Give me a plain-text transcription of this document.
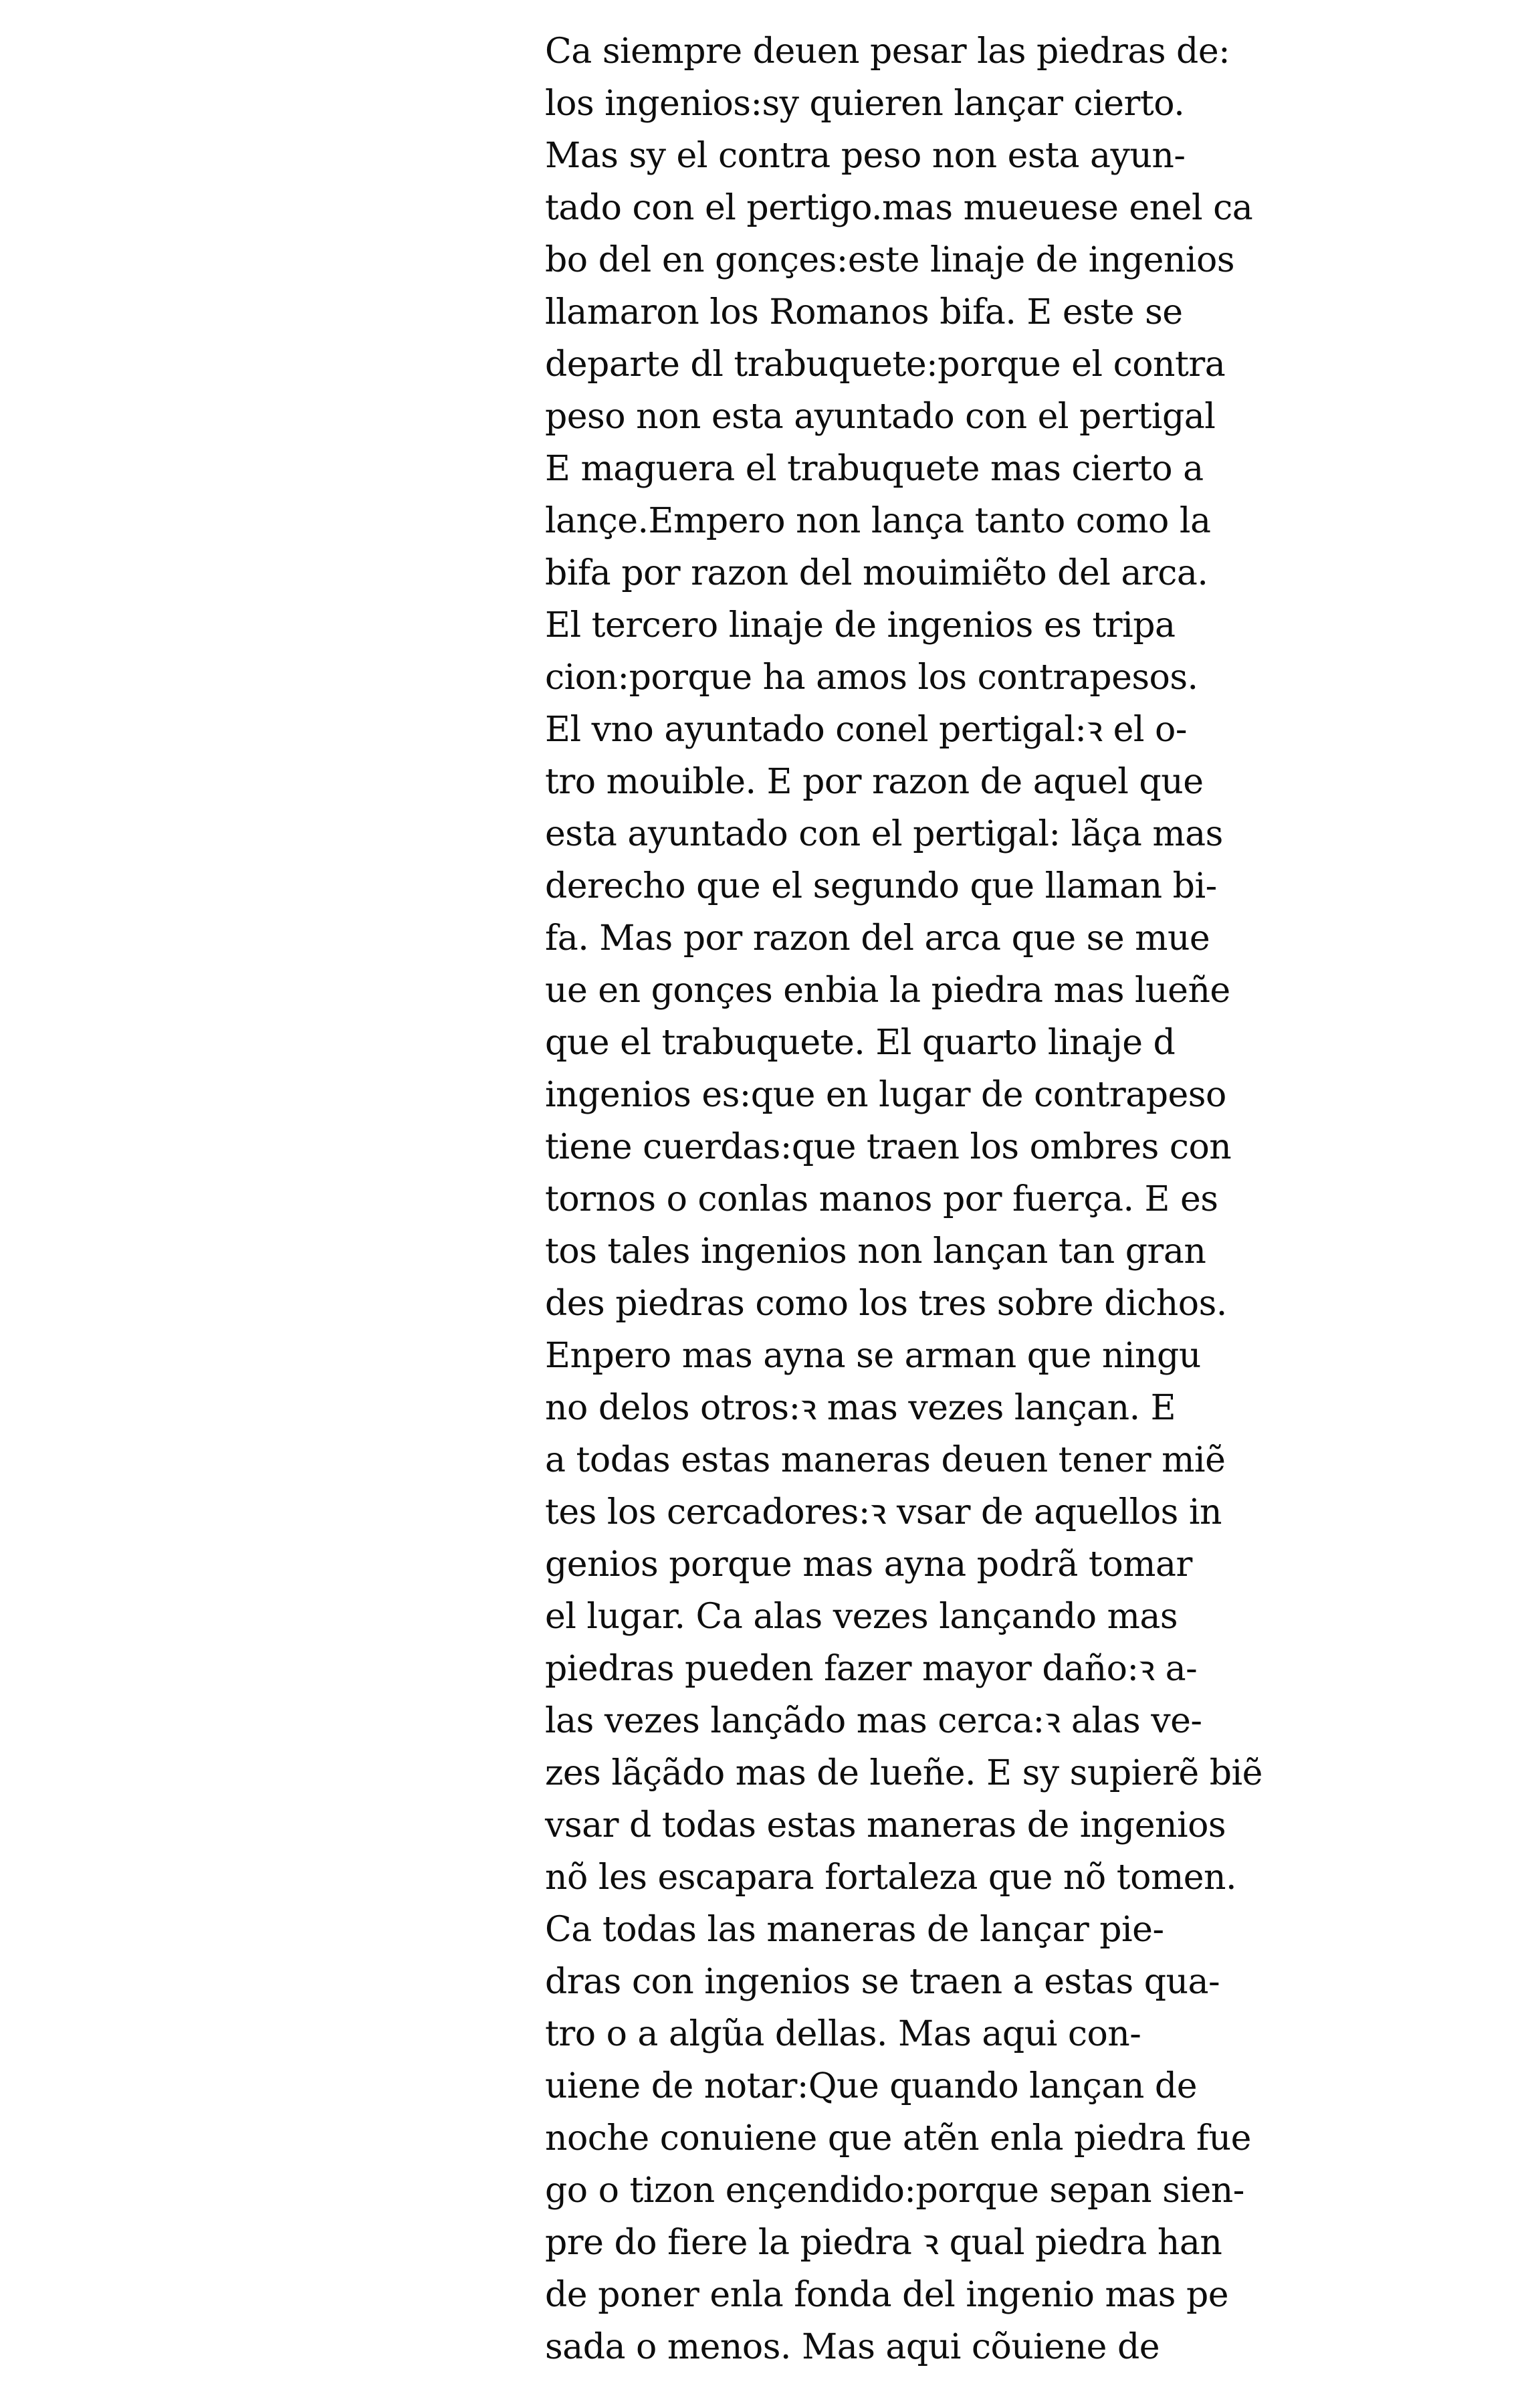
Ca siempre deuen pesar las piedras de:
los ingenios:sy quieren lançar cierto.
Mas sy el contra peso non esta ayun-
tado con el pertigo.mas mueuese enel ca
bo del en gonçes:este linaje de ingenios
llamaron los Romanos bifa. E este se
departe dl trabuquete:porque el contra
peso non esta ayuntado con el pertigal
E maguera el trabuquete mas cierto a
lançe.Empero non lança tanto como la
bifa por razon del mouimiẽto del arca.
El tercero linaje de ingenios es tripa
cion:porque ha amos los contrapesos.
El vno ayuntado conel pertigal:ꝛ el o-
tro mouible. E por razon de aquel que
esta ayuntado con el pertigal: lãça mas
derecho que el segundo que llaman bi-
fa. Mas por razon del arca que se mue
ue en gonçes enbia la piedra mas lueñe
que el trabuquete. El quarto linaje d
ingenios es:que en lugar de contrapeso
tiene cuerdas:que traen los ombres con
tornos o conlas manos por fuerça. E es
tos tales ingenios non lançan tan gran
des piedras como los tres sobre dichos.
Enpero mas ayna se arman que ningu
no delos otros:ꝛ mas vezes lançan. E
a todas estas maneras deuen tener miẽ
tes los cercadores:ꝛ vsar de aquellos in
genios porque mas ayna podrã tomar
el lugar. Ca alas vezes lançando mas
piedras pueden fazer mayor daño:ꝛ a-
las vezes lançãdo mas cerca:ꝛ alas ve-
zes lãçãdo mas de lueñe. E sy supierẽ biẽ
vsar d todas estas maneras de ingenios
nõ les escapara fortaleza que nõ tomen.
Ca todas las maneras de lançar pie-
dras con ingenios se traen a estas qua-
tro o a algũa dellas. Mas aqui con-
uiene de notar:Que quando lançan de
noche conuiene que atẽn enla piedra fue
go o tizon ençendido:porque sepan sien-
pre do fiere la piedra ꝛ qual piedra han
de poner enla fonda del ingenio mas pe
sada o menos. Mas aqui cõuiene de
